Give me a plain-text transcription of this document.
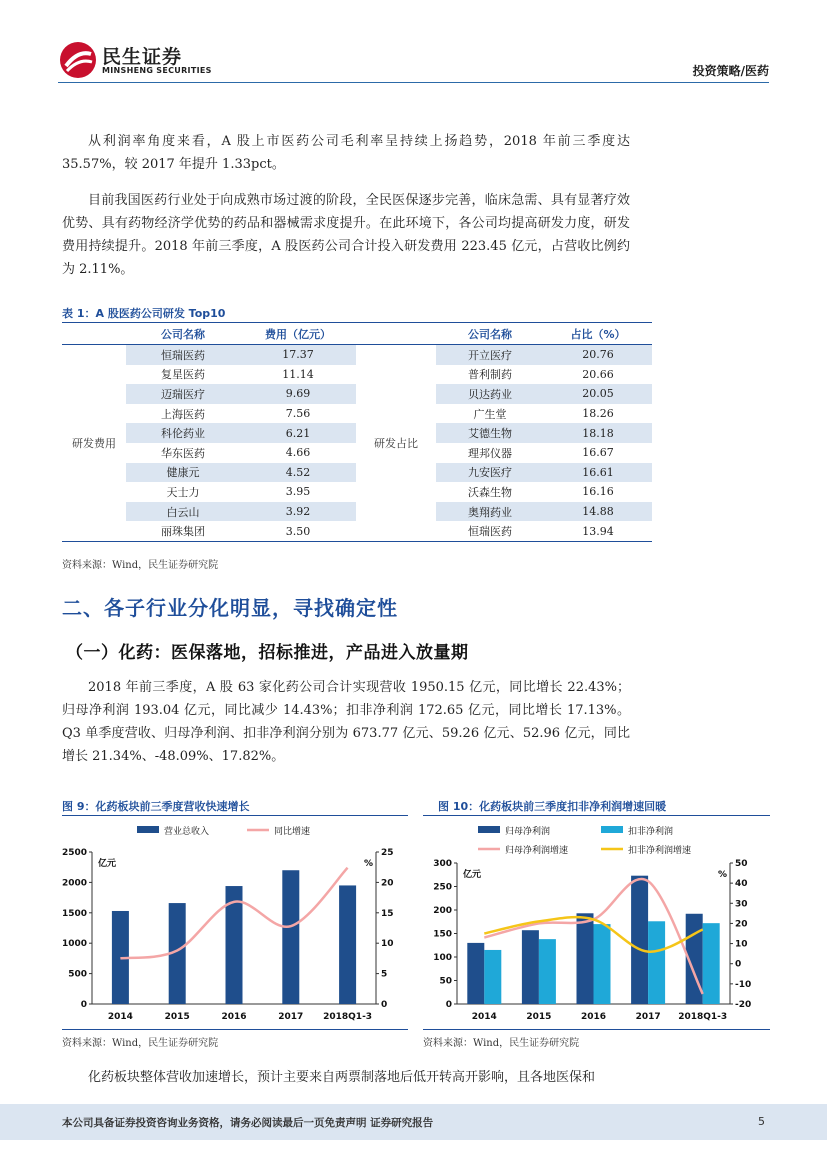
民生证券
MINSHENG SECURITIES	投资策略/医药

从利润率角度来看，A 股上市医药公司毛利率呈持续上扬趋势，2018 年前三季度达 35.57%，较 2017 年提升 1.33pct。

目前我国医药行业处于向成熟市场过渡的阶段，全民医保逐步完善，临床急需、具有显著疗效优势、具有药物经济学优势的药品和器械需求度提升。在此环境下，各公司均提高研发力度，研发费用持续提升。2018 年前三季度，A 股医药公司合计投入研发费用 223.45 亿元，占营收比例约为 2.11%。

表 1：A 股医药公司研发 Top10
	公司名称	费用（亿元）		公司名称	占比（%）
研发费用	恒瑞医药	17.37	研发占比	开立医疗	20.76
	复星医药	11.14		普利制药	20.66
	迈瑞医疗	9.69		贝达药业	20.05
	上海医药	7.56		广生堂	18.26
	科伦药业	6.21		艾德生物	18.18
	华东医药	4.66		理邦仪器	16.67
	健康元	4.52		九安医疗	16.61
	天士力	3.95		沃森生物	16.16
	白云山	3.92		奥翔药业	14.88
	丽珠集团	3.50		恒瑞医药	13.94
资料来源：Wind，民生证券研究院
二、各子行业分化明显，寻找确定性
（一）化药：医保落地，招标推进，产品进入放量期

2018 年前三季度，A 股 63 家化药公司合计实现营收 1950.15 亿元，同比增长 22.43%；归母净利润 193.04 亿元，同比减少 14.43%；扣非净利润 172.65 亿元，同比增长 17.13%。Q3 单季度营收、归母净利润、扣非净利润分别为 673.77 亿元、59.26 亿元、52.96 亿元，同比增长 21.34%、-48.09%、17.82%。

图 9：化药板块前三季度营收快速增长
0
500
1000
1500
2000
2500
0
5
10
15
20
25
亿元	%
2014	2015	2016	2017 2018Q1-3
营业总收入	同比增速
资料来源：Wind，民生证券研究院
图 10：化药板块前三季度扣非净利润增速回暖
0
50
100
150
200
250
300
-20
-10
0
10
20
30
40
50
亿元	%
2014	2015	2016	2017 2018Q1-3
归母净利润	扣非净利润
归母净利润增速	扣非净利润增速
资料来源：Wind，民生证券研究院

化药板块整体营收加速增长，预计主要来自两票制落地后低开转高开影响，且各地医保和

本公司具备证券投资咨询业务资格，请务必阅读最后一页免责声明 证券研究报告	5
